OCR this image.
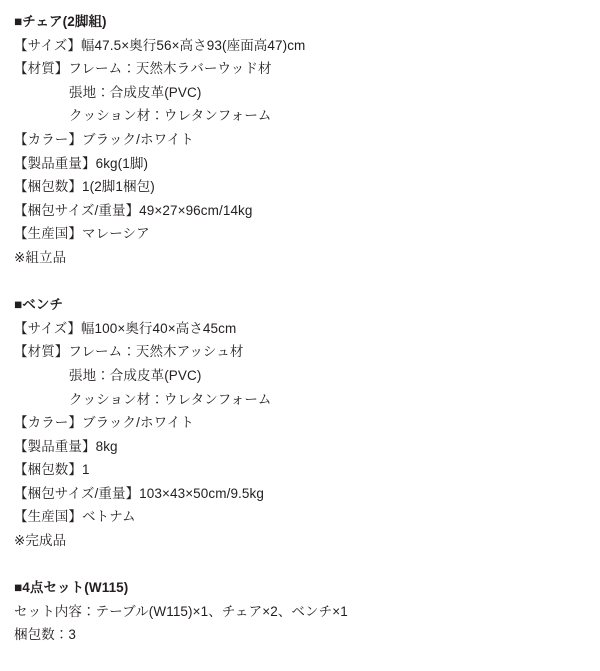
■チェア(2脚組)
【サイズ】幅47.5×奥行56×高さ93(座面高47)cm
【材質】フレーム：天然木ラバーウッド材
張地：合成皮革(PVC)
クッション材：ウレタンフォーム
【カラー】ブラック/ホワイト
【製品重量】6kg(1脚)
【梱包数】1(2脚1梱包)
【梱包サイズ/重量】49×27×96cm/14kg
【生産国】マレーシア
※組立品
■ベンチ
【サイズ】幅100×奥行40×高さ45cm
【材質】フレーム：天然木アッシュ材
張地：合成皮革(PVC)
クッション材：ウレタンフォーム
【カラー】ブラック/ホワイト
【製品重量】8kg
【梱包数】1
【梱包サイズ/重量】103×43×50cm/9.5kg
【生産国】ベトナム
※完成品
■4点セット(W115)
セット内容：テーブル(W115)×1、チェア×2、ベンチ×1
梱包数：3
